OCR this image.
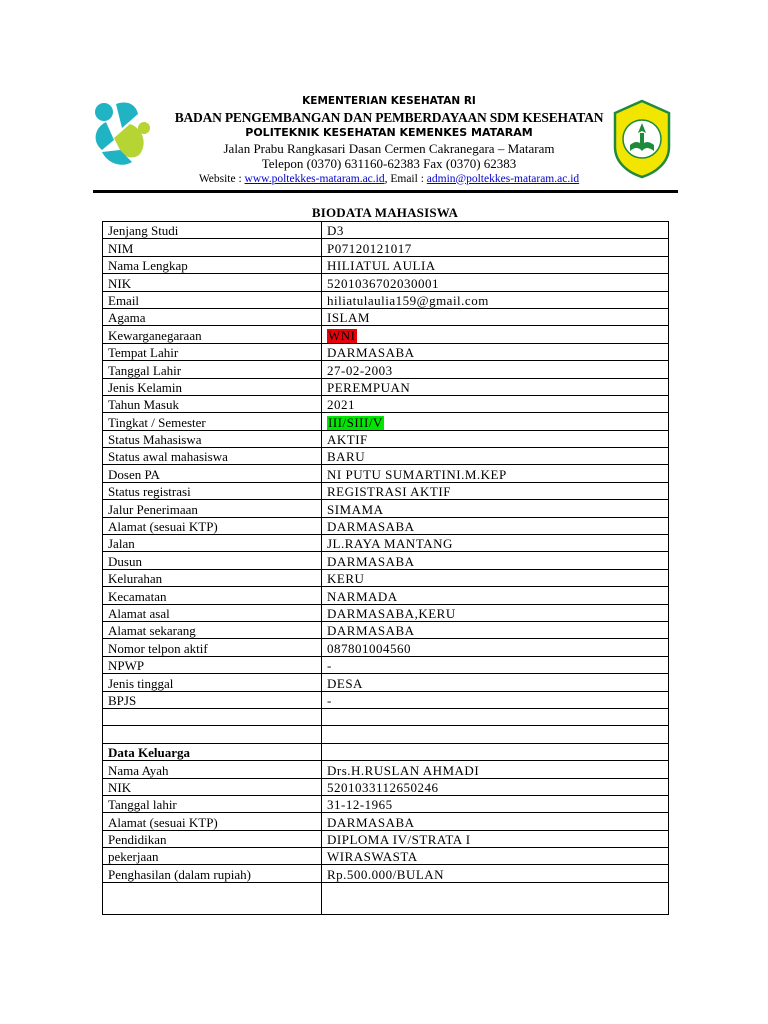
KEMENTERIAN KESEHATAN RI
BADAN PENGEMBANGAN DAN PEMBERDAYAAN SDM KESEHATAN
POLITEKNIK KESEHATAN KEMENKES MATARAM
Jalan Prabu Rangkasari Dasan Cermen Cakranegara – Mataram
Telepon (0370) 631160-62383 Fax (0370) 62383
Website : www.poltekkes-mataram.ac.id, Email : admin@poltekkes-mataram.ac.id
BIODATA MAHASISWA
Jenjang Studi	D3
NIM	P07120121017
Nama Lengkap	HILIATUL AULIA
NIK	5201036702030001
Email	hiliatulaulia159@gmail.com
Agama	ISLAM
Kewarganegaraan	WNI
Tempat Lahir	DARMASABA
Tanggal Lahir	27-02-2003
Jenis Kelamin	PEREMPUAN
Tahun Masuk	2021
Tingkat / Semester	III/SIII/V
Status Mahasiswa	AKTIF
Status awal mahasiswa	BARU
Dosen PA	NI PUTU SUMARTINI.M.KEP
Status registrasi	REGISTRASI AKTIF
Jalur Penerimaan	SIMAMA
Alamat (sesuai KTP)	DARMASABA
Jalan	JL.RAYA MANTANG
Dusun	DARMASABA
Kelurahan	KERU
Kecamatan	NARMADA
Alamat asal	DARMASABA,KERU
Alamat sekarang	DARMASABA
Nomor telpon aktif	087801004560
NPWP	-
Jenis tinggal	DESA
BPJS	-

Data Keluarga	
Nama Ayah	Drs.H.RUSLAN AHMADI
NIK	5201033112650246
Tanggal lahir	31-12-1965
Alamat (sesuai KTP)	DARMASABA
Pendidikan	DIPLOMA IV/STRATA I
pekerjaan	WIRASWASTA
Penghasilan (dalam rupiah)	Rp.500.000/BULAN
